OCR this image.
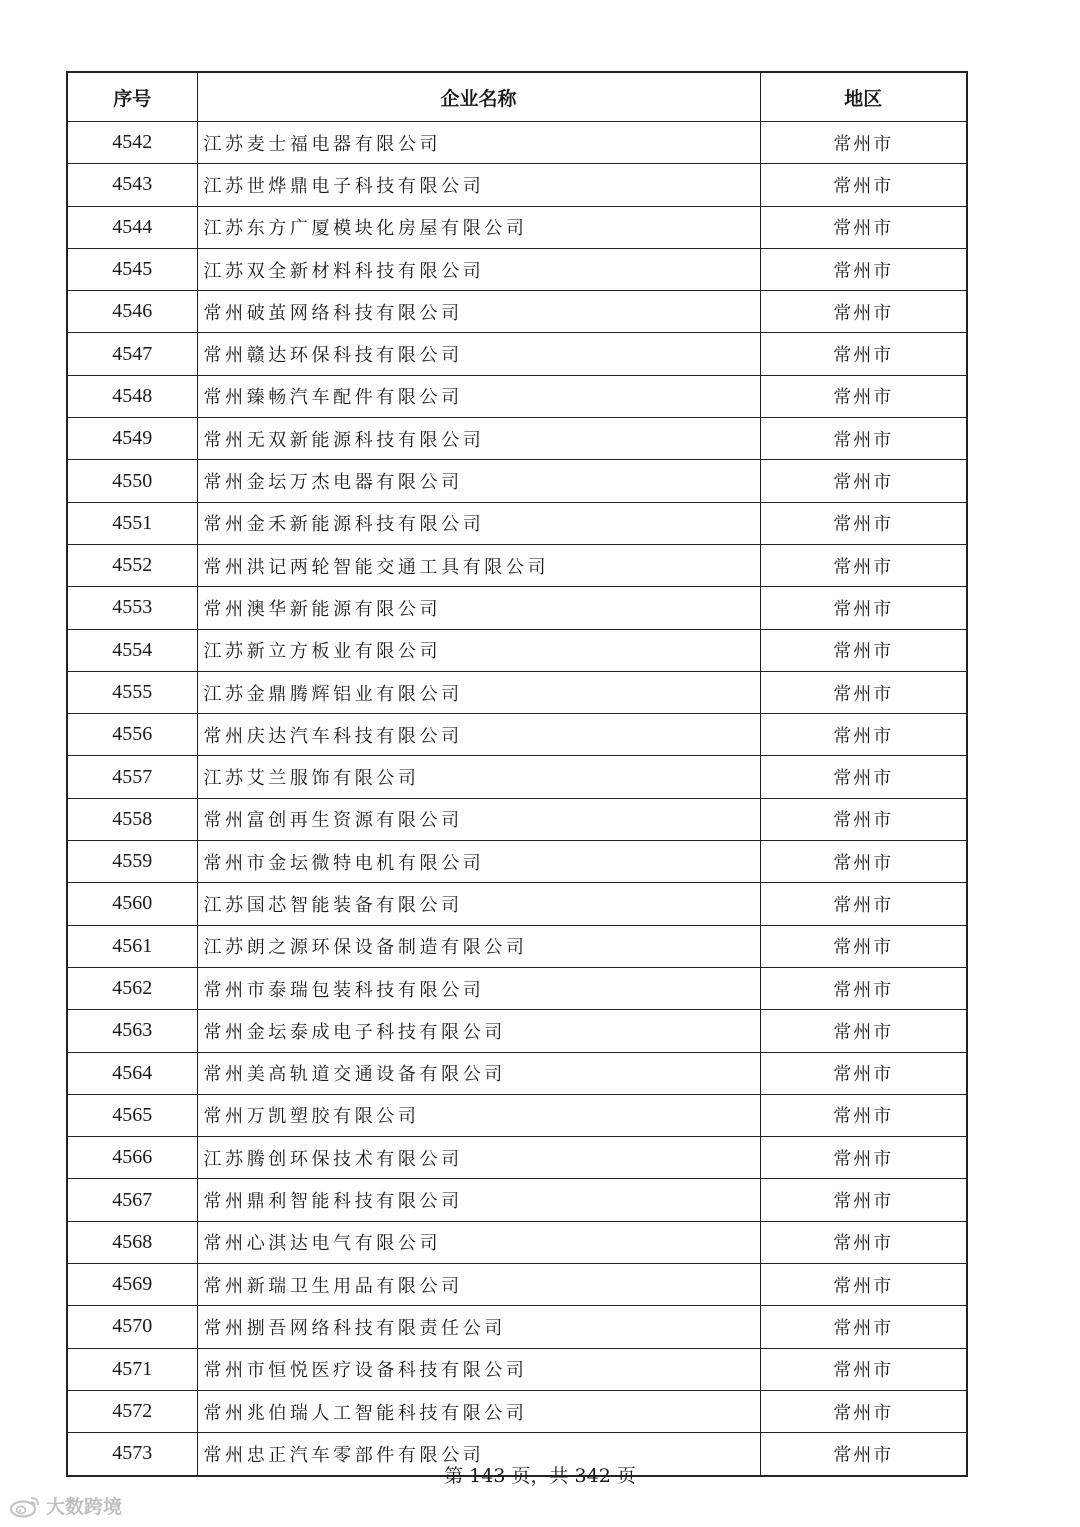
序号	企业名称	地区
4542	江苏麦士福电器有限公司	常州市
4543	江苏世烨鼎电子科技有限公司	常州市
4544	江苏东方广厦模块化房屋有限公司	常州市
4545	江苏双全新材料科技有限公司	常州市
4546	常州破茧网络科技有限公司	常州市
4547	常州赣达环保科技有限公司	常州市
4548	常州臻畅汽车配件有限公司	常州市
4549	常州无双新能源科技有限公司	常州市
4550	常州金坛万杰电器有限公司	常州市
4551	常州金禾新能源科技有限公司	常州市
4552	常州洪记两轮智能交通工具有限公司	常州市
4553	常州澳华新能源有限公司	常州市
4554	江苏新立方板业有限公司	常州市
4555	江苏金鼎腾辉铝业有限公司	常州市
4556	常州庆达汽车科技有限公司	常州市
4557	江苏艾兰服饰有限公司	常州市
4558	常州富创再生资源有限公司	常州市
4559	常州市金坛微特电机有限公司	常州市
4560	江苏国芯智能装备有限公司	常州市
4561	江苏朗之源环保设备制造有限公司	常州市
4562	常州市泰瑞包装科技有限公司	常州市
4563	常州金坛泰成电子科技有限公司	常州市
4564	常州美高轨道交通设备有限公司	常州市
4565	常州万凯塑胶有限公司	常州市
4566	江苏腾创环保技术有限公司	常州市
4567	常州鼎利智能科技有限公司	常州市
4568	常州心淇达电气有限公司	常州市
4569	常州新瑞卫生用品有限公司	常州市
4570	常州捌吾网络科技有限责任公司	常州市
4571	常州市恒悦医疗设备科技有限公司	常州市
4572	常州兆伯瑞人工智能科技有限公司	常州市
4573	常州忠正汽车零部件有限公司	常州市
第 143 页，共 342 页
大数跨境
